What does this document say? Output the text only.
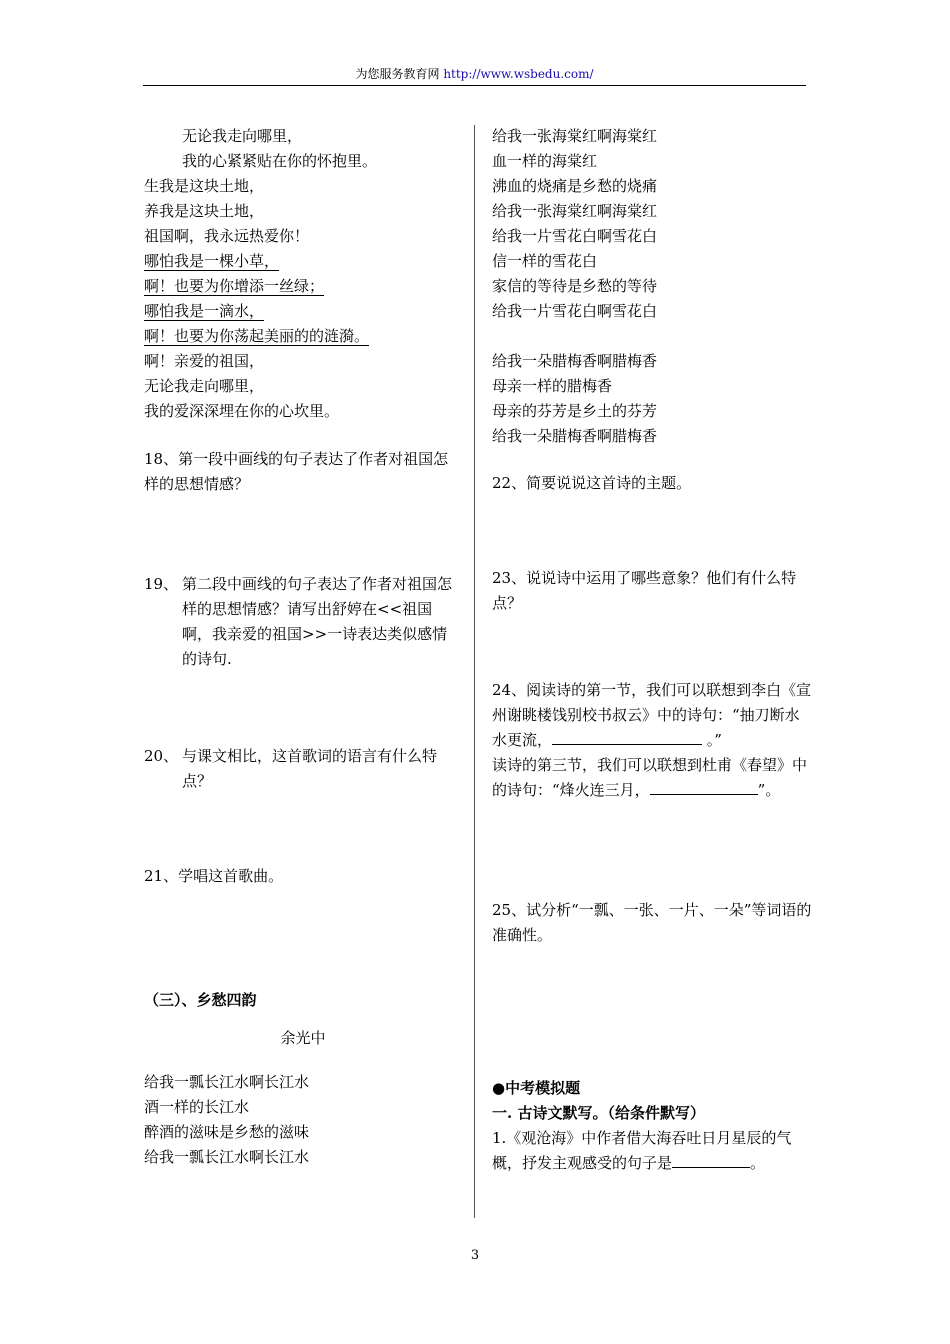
为您服务教育网 http://www.wsbedu.com/
无论我走向哪里，
我的心紧紧贴在你的怀抱里。
生我是这块土地，
养我是这块土地，
祖国啊，我永远热爱你！
哪怕我是一棵小草，
啊！也要为你增添一丝绿；
哪怕我是一滴水，
啊！也要为你荡起美丽的的涟漪。
啊！亲爱的祖国，
无论我走向哪里，
我的爱深深埋在你的心坎里。
18、第一段中画线的句子表达了作者对祖国怎样的思想情感？
19、 第二段中画线的句子表达了作者对祖国怎样的思想情感？请写出舒婷在<<祖国啊，我亲爱的祖国>>一诗表达类似感情的诗句.
20、 与课文相比，这首歌词的语言有什么特点？
21、学唱这首歌曲。
（三）、乡愁四韵
余光中
给我一瓢长江水啊长江水
酒一样的长江水
醉酒的滋味是乡愁的滋味
给我一瓢长江水啊长江水
给我一张海棠红啊海棠红
血一样的海棠红
沸血的烧痛是乡愁的烧痛
给我一张海棠红啊海棠红
给我一片雪花白啊雪花白
信一样的雪花白
家信的等待是乡愁的等待
给我一片雪花白啊雪花白
给我一朵腊梅香啊腊梅香
母亲一样的腊梅香
母亲的芬芳是乡土的芬芳
给我一朵腊梅香啊腊梅香
22、简要说说这首诗的主题。
23、说说诗中运用了哪些意象？他们有什么特点？
24、阅读诗的第一节，我们可以联想到李白《宣州谢眺楼饯别校书叔云》中的诗句：“抽刀断水水更流，	。”
读诗的第三节，我们可以联想到杜甫《春望》中的诗句：“烽火连三月，	”。
25、试分析“一瓢、一张、一片、一朵”等词语的准确性。
●中考模拟题
一. 古诗文默写。（给条件默写）
1.《观沧海》中作者借大海吞吐日月星辰的气概，抒发主观感受的句子是	。
3
